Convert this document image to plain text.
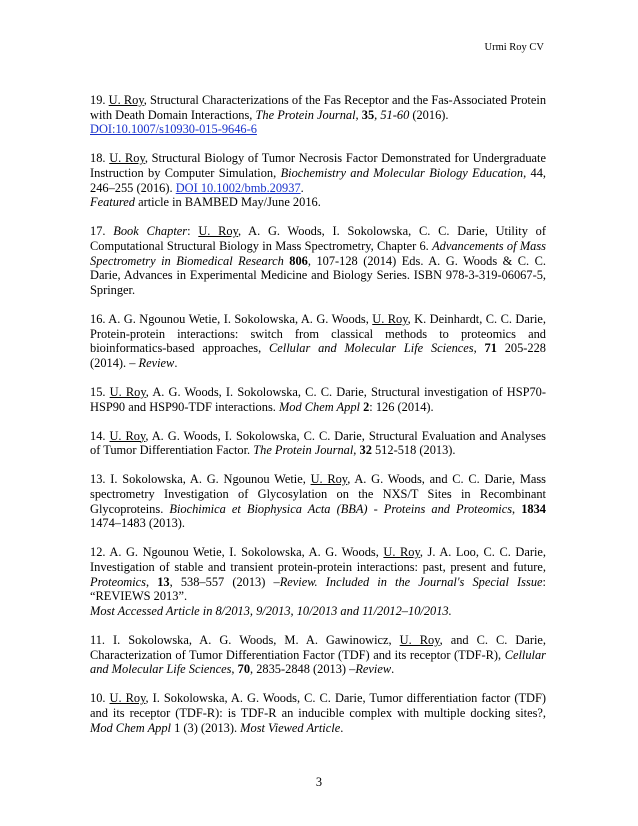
Urmi Roy CV

19. U. Roy, Structural Characterizations of the Fas Receptor and the Fas-Associated Protein with Death Domain Interactions, The Protein Journal, 35, 51-60 (2016).
DOI:10.1007/s10930-015-9646-6

18. U. Roy, Structural Biology of Tumor Necrosis Factor Demonstrated for Undergraduate Instruction by Computer Simulation, Biochemistry and Molecular Biology Education, 44, 246–255 (2016). DOI 10.1002/bmb.20937.
Featured article in BAMBED May/June 2016.

17. Book Chapter: U. Roy, A. G. Woods, I. Sokolowska, C. C. Darie, Utility of Computational Structural Biology in Mass Spectrometry, Chapter 6. Advancements of Mass Spectrometry in Biomedical Research 806, 107-128 (2014) Eds. A. G. Woods & C. C. Darie, Advances in Experimental Medicine and Biology Series. ISBN 978-3-319-06067-5, Springer.

16. A. G. Ngounou Wetie, I. Sokolowska, A. G. Woods, U. Roy, K. Deinhardt, C. C. Darie, Protein-protein interactions: switch from classical methods to proteomics and bioinformatics-based approaches, Cellular and Molecular Life Sciences, 71 205-228 (2014). – Review.

15. U. Roy, A. G. Woods, I. Sokolowska, C. C. Darie, Structural investigation of HSP70-HSP90 and HSP90-TDF interactions. Mod Chem Appl 2: 126 (2014).

14. U. Roy, A. G. Woods, I. Sokolowska, C. C. Darie, Structural Evaluation and Analyses of Tumor Differentiation Factor. The Protein Journal, 32 512-518 (2013).

13. I. Sokolowska, A. G. Ngounou Wetie, U. Roy, A. G. Woods, and C. C. Darie, Mass spectrometry Investigation of Glycosylation on the NXS/T Sites in Recombinant Glycoproteins. Biochimica et Biophysica Acta (BBA) - Proteins and Proteomics, 1834 1474–1483 (2013).

12. A. G. Ngounou Wetie, I. Sokolowska, A. G. Woods, U. Roy, J. A. Loo, C. C. Darie, Investigation of stable and transient protein-protein interactions: past, present and future, Proteomics, 13, 538–557 (2013) –Review. Included in the Journal's Special Issue: “REVIEWS 2013”.
Most Accessed Article in 8/2013, 9/2013, 10/2013 and 11/2012–10/2013.

11. I. Sokolowska, A. G. Woods, M. A. Gawinowicz, U. Roy, and C. C. Darie, Characterization of Tumor Differentiation Factor (TDF) and its receptor (TDF-R), Cellular and Molecular Life Sciences, 70, 2835-2848 (2013) –Review.

10. U. Roy, I. Sokolowska, A. G. Woods, C. C. Darie, Tumor differentiation factor (TDF) and its receptor (TDF-R): is TDF-R an inducible complex with multiple docking sites?, Mod Chem Appl 1 (3) (2013). Most Viewed Article.

3
